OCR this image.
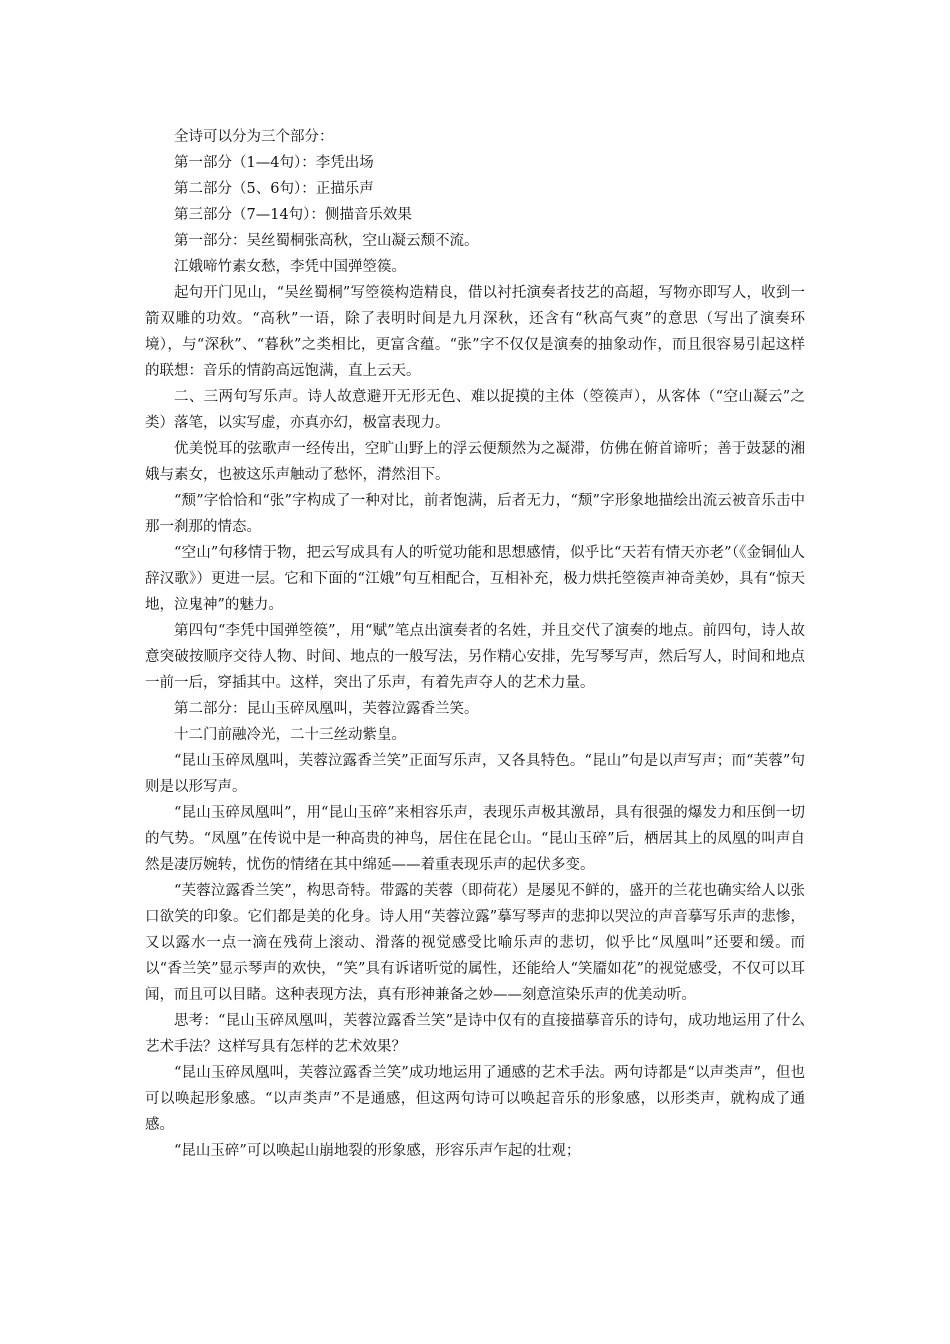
全诗可以分为三个部分：

第一部分（1—4句）：李凭出场

第二部分（5、6句）：正描乐声

第三部分（7—14句）：侧描音乐效果

第一部分：吴丝蜀桐张高秋，空山凝云颓不流。

江娥啼竹素女愁，李凭中国弹箜篌。

起句开门见山，“吴丝蜀桐”写箜篌构造精良，借以衬托演奏者技艺的高超，写物亦即写人，收到一箭双雕的功效。“高秋”一语，除了表明时间是九月深秋，还含有“秋高气爽”的意思（写出了演奏环境），与“深秋”、“暮秋”之类相比，更富含蕴。“张”字不仅仅是演奏的抽象动作，而且很容易引起这样的联想：音乐的情韵高远饱满，直上云天。

二、三两句写乐声。诗人故意避开无形无色、难以捉摸的主体（箜篌声），从客体（“空山凝云”之类）落笔，以实写虚，亦真亦幻，极富表现力。

优美悦耳的弦歌声一经传出，空旷山野上的浮云便颓然为之凝滞，仿佛在俯首谛听；善于鼓瑟的湘娥与素女，也被这乐声触动了愁怀，潸然泪下。

“颓”字恰恰和“张”字构成了一种对比，前者饱满，后者无力，“颓”字形象地描绘出流云被音乐击中那一刹那的情态。

“空山”句移情于物，把云写成具有人的听觉功能和思想感情，似乎比“天若有情天亦老”（《金铜仙人辞汉歌》）更进一层。它和下面的“江娥”句互相配合，互相补充，极力烘托箜篌声神奇美妙，具有“惊天地，泣鬼神”的魅力。

第四句“李凭中国弹箜篌”，用“赋”笔点出演奏者的名姓，并且交代了演奏的地点。前四句，诗人故意突破按顺序交待人物、时间、地点的一般写法，另作精心安排，先写琴写声，然后写人，时间和地点一前一后，穿插其中。这样，突出了乐声，有着先声夺人的艺术力量。

第二部分：昆山玉碎凤凰叫，芙蓉泣露香兰笑。

十二门前融冷光，二十三丝动紫皇。

“昆山玉碎凤凰叫，芙蓉泣露香兰笑”正面写乐声，又各具特色。“昆山”句是以声写声；而“芙蓉”句则是以形写声。

“昆山玉碎凤凰叫”，用“昆山玉碎”来相容乐声，表现乐声极其激昂，具有很强的爆发力和压倒一切的气势。“凤凰”在传说中是一种高贵的神鸟，居住在昆仑山。“昆山玉碎”后，栖居其上的凤凰的叫声自然是凄厉婉转，忧伤的情绪在其中绵延——着重表现乐声的起伏多变。

“芙蓉泣露香兰笑”，构思奇特。带露的芙蓉（即荷花）是屡见不鲜的，盛开的兰花也确实给人以张口欲笑的印象。它们都是美的化身。诗人用“芙蓉泣露”摹写琴声的悲抑以哭泣的声音摹写乐声的悲惨，又以露水一点一滴在残荷上滚动、滑落的视觉感受比喻乐声的悲切，似乎比“凤凰叫”还要和缓。而以“香兰笑”显示琴声的欢快，“笑”具有诉诸听觉的属性，还能给人“笑靥如花”的视觉感受，不仅可以耳闻，而且可以目睹。这种表现方法，真有形神兼备之妙——刻意渲染乐声的优美动听。

思考：“昆山玉碎凤凰叫，芙蓉泣露香兰笑”是诗中仅有的直接描摹音乐的诗句，成功地运用了什么艺术手法？这样写具有怎样的艺术效果？

“昆山玉碎凤凰叫，芙蓉泣露香兰笑”成功地运用了通感的艺术手法。两句诗都是“以声类声”，但也可以唤起形象感。“以声类声”不是通感，但这两句诗可以唤起音乐的形象感，以形类声，就构成了通感。

“昆山玉碎”可以唤起山崩地裂的形象感，形容乐声乍起的壮观；
